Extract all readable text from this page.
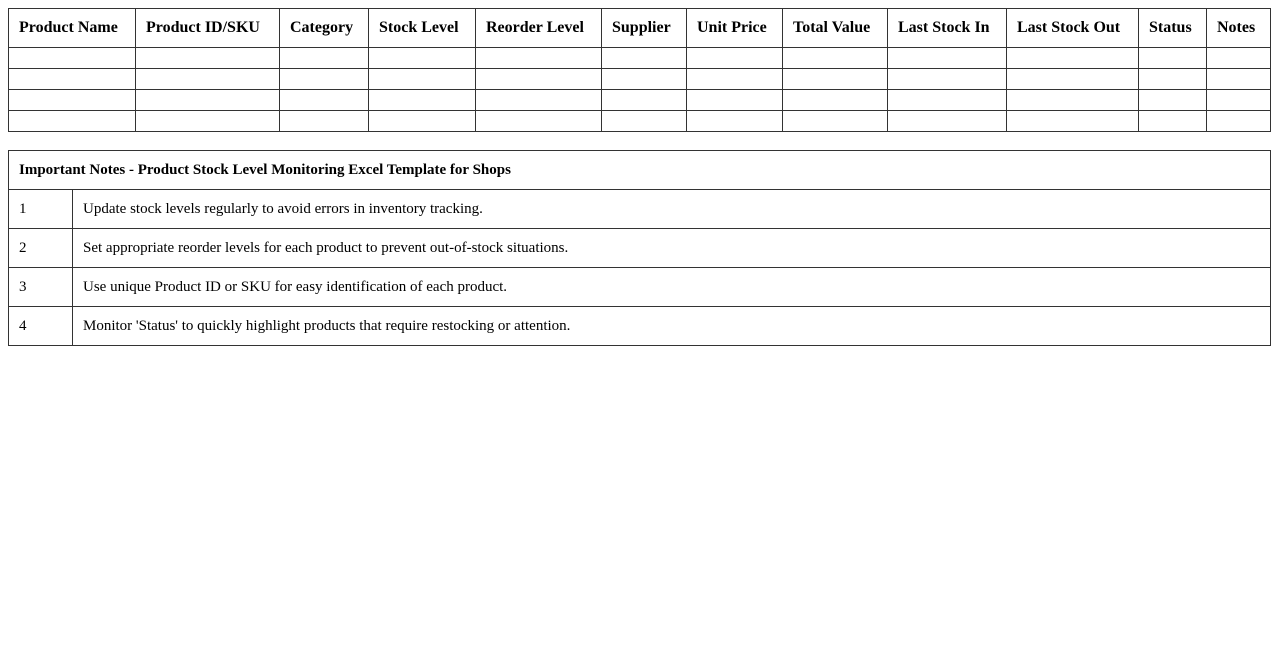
Product Name	Product ID/SKU	Category	Stock Level	Reorder Level	Supplier	Unit Price	Total Value	Last Stock In	Last Stock Out	Status	Notes

Important Notes - Product Stock Level Monitoring Excel Template for Shops	
1	Update stock levels regularly to avoid errors in inventory tracking.
2	Set appropriate reorder levels for each product to prevent out-of-stock situations.
3	Use unique Product ID or SKU for easy identification of each product.
4	Monitor 'Status' to quickly highlight products that require restocking or attention.
